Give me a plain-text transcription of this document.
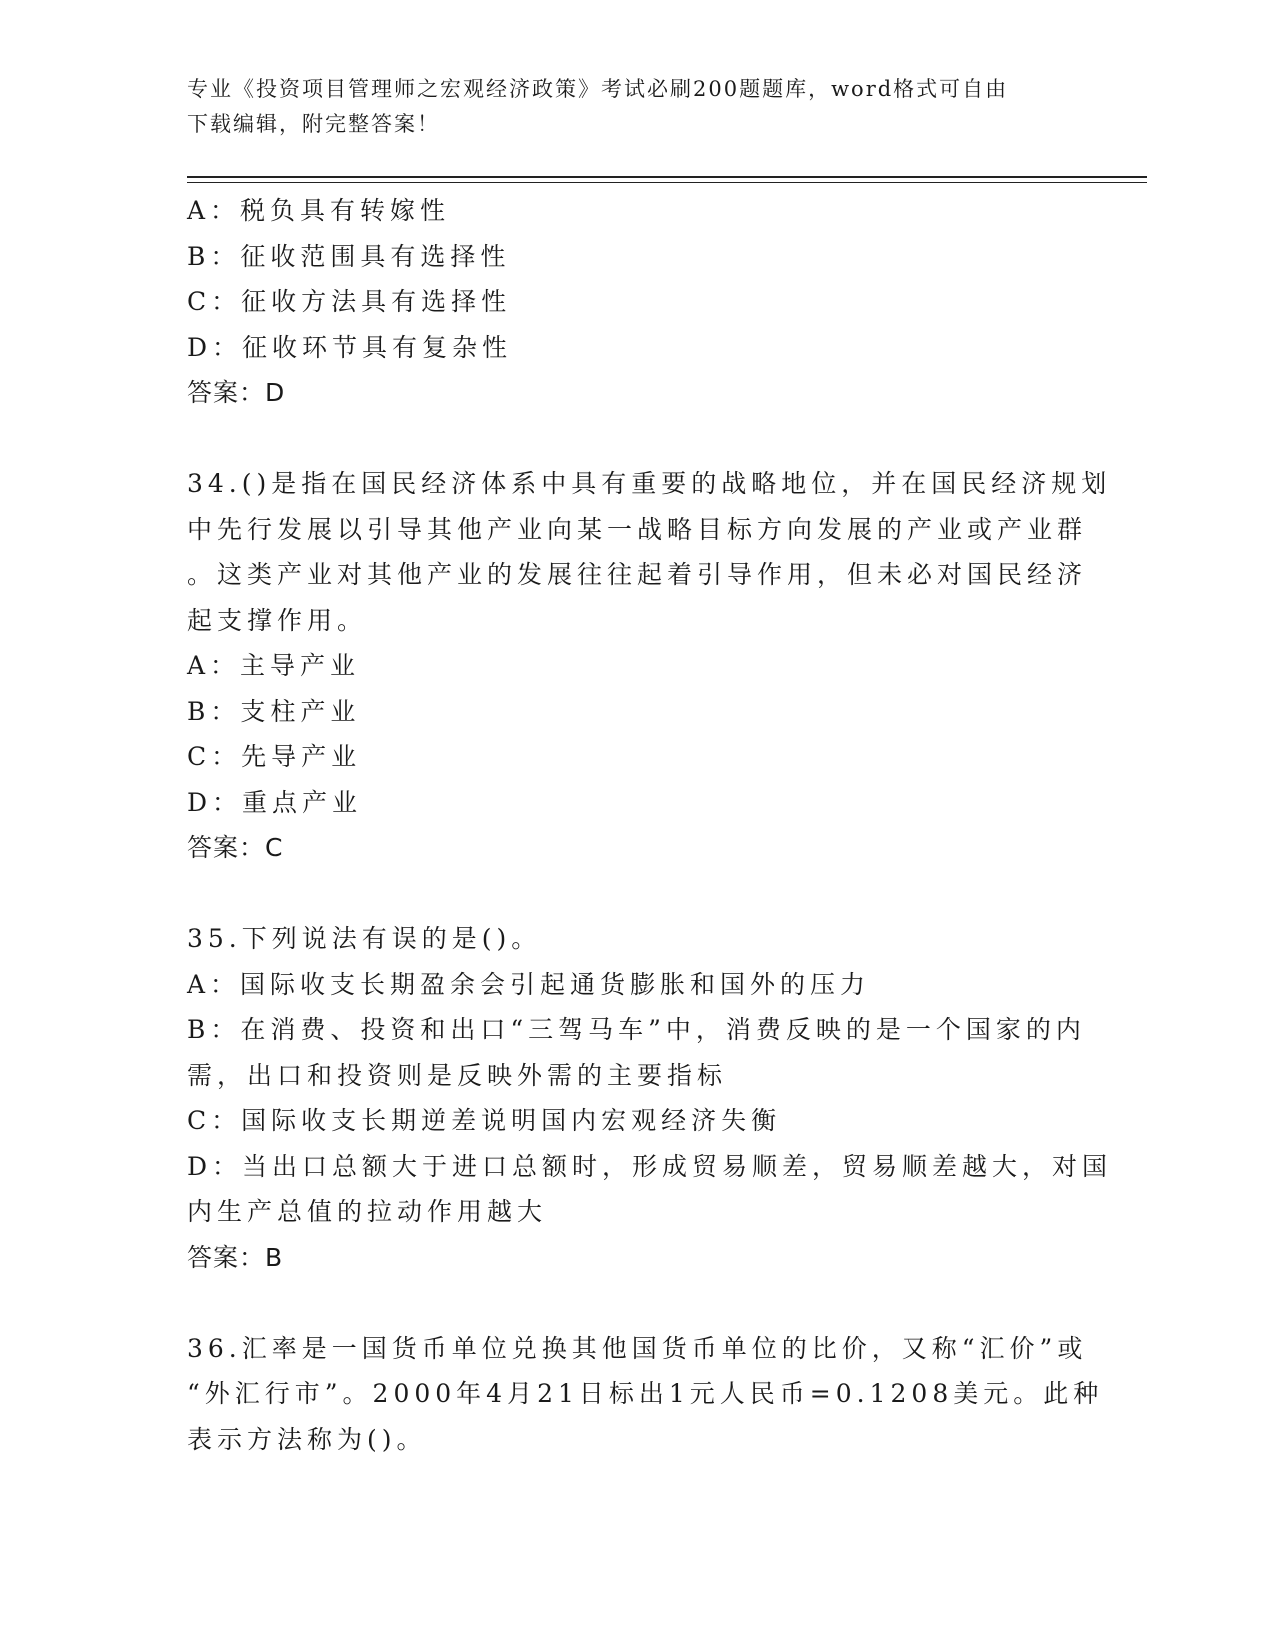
专业《投资项目管理师之宏观经济政策》考试必刷200题题库，word格式可自由

下载编辑，附完整答案！

A：税负具有转嫁性

B：征收范围具有选择性

C：征收方法具有选择性

D：征收环节具有复杂性

答案：D

34.()是指在国民经济体系中具有重要的战略地位，并在国民经济规划

中先行发展以引导其他产业向某一战略目标方向发展的产业或产业群

。这类产业对其他产业的发展往往起着引导作用，但未必对国民经济

起支撑作用。

A：主导产业

B：支柱产业

C：先导产业

D：重点产业

答案：C

35.下列说法有误的是()。

A：国际收支长期盈余会引起通货膨胀和国外的压力

B：在消费、投资和出口“三驾马车”中，消费反映的是一个国家的内

需，出口和投资则是反映外需的主要指标

C：国际收支长期逆差说明国内宏观经济失衡

D：当出口总额大于进口总额时，形成贸易顺差，贸易顺差越大，对国

内生产总值的拉动作用越大

答案：B

36.汇率是一国货币单位兑换其他国货币单位的比价，又称“汇价”或

“外汇行市”。2000年4月21日标出1元人民币=0.1208美元。此种

表示方法称为()。
